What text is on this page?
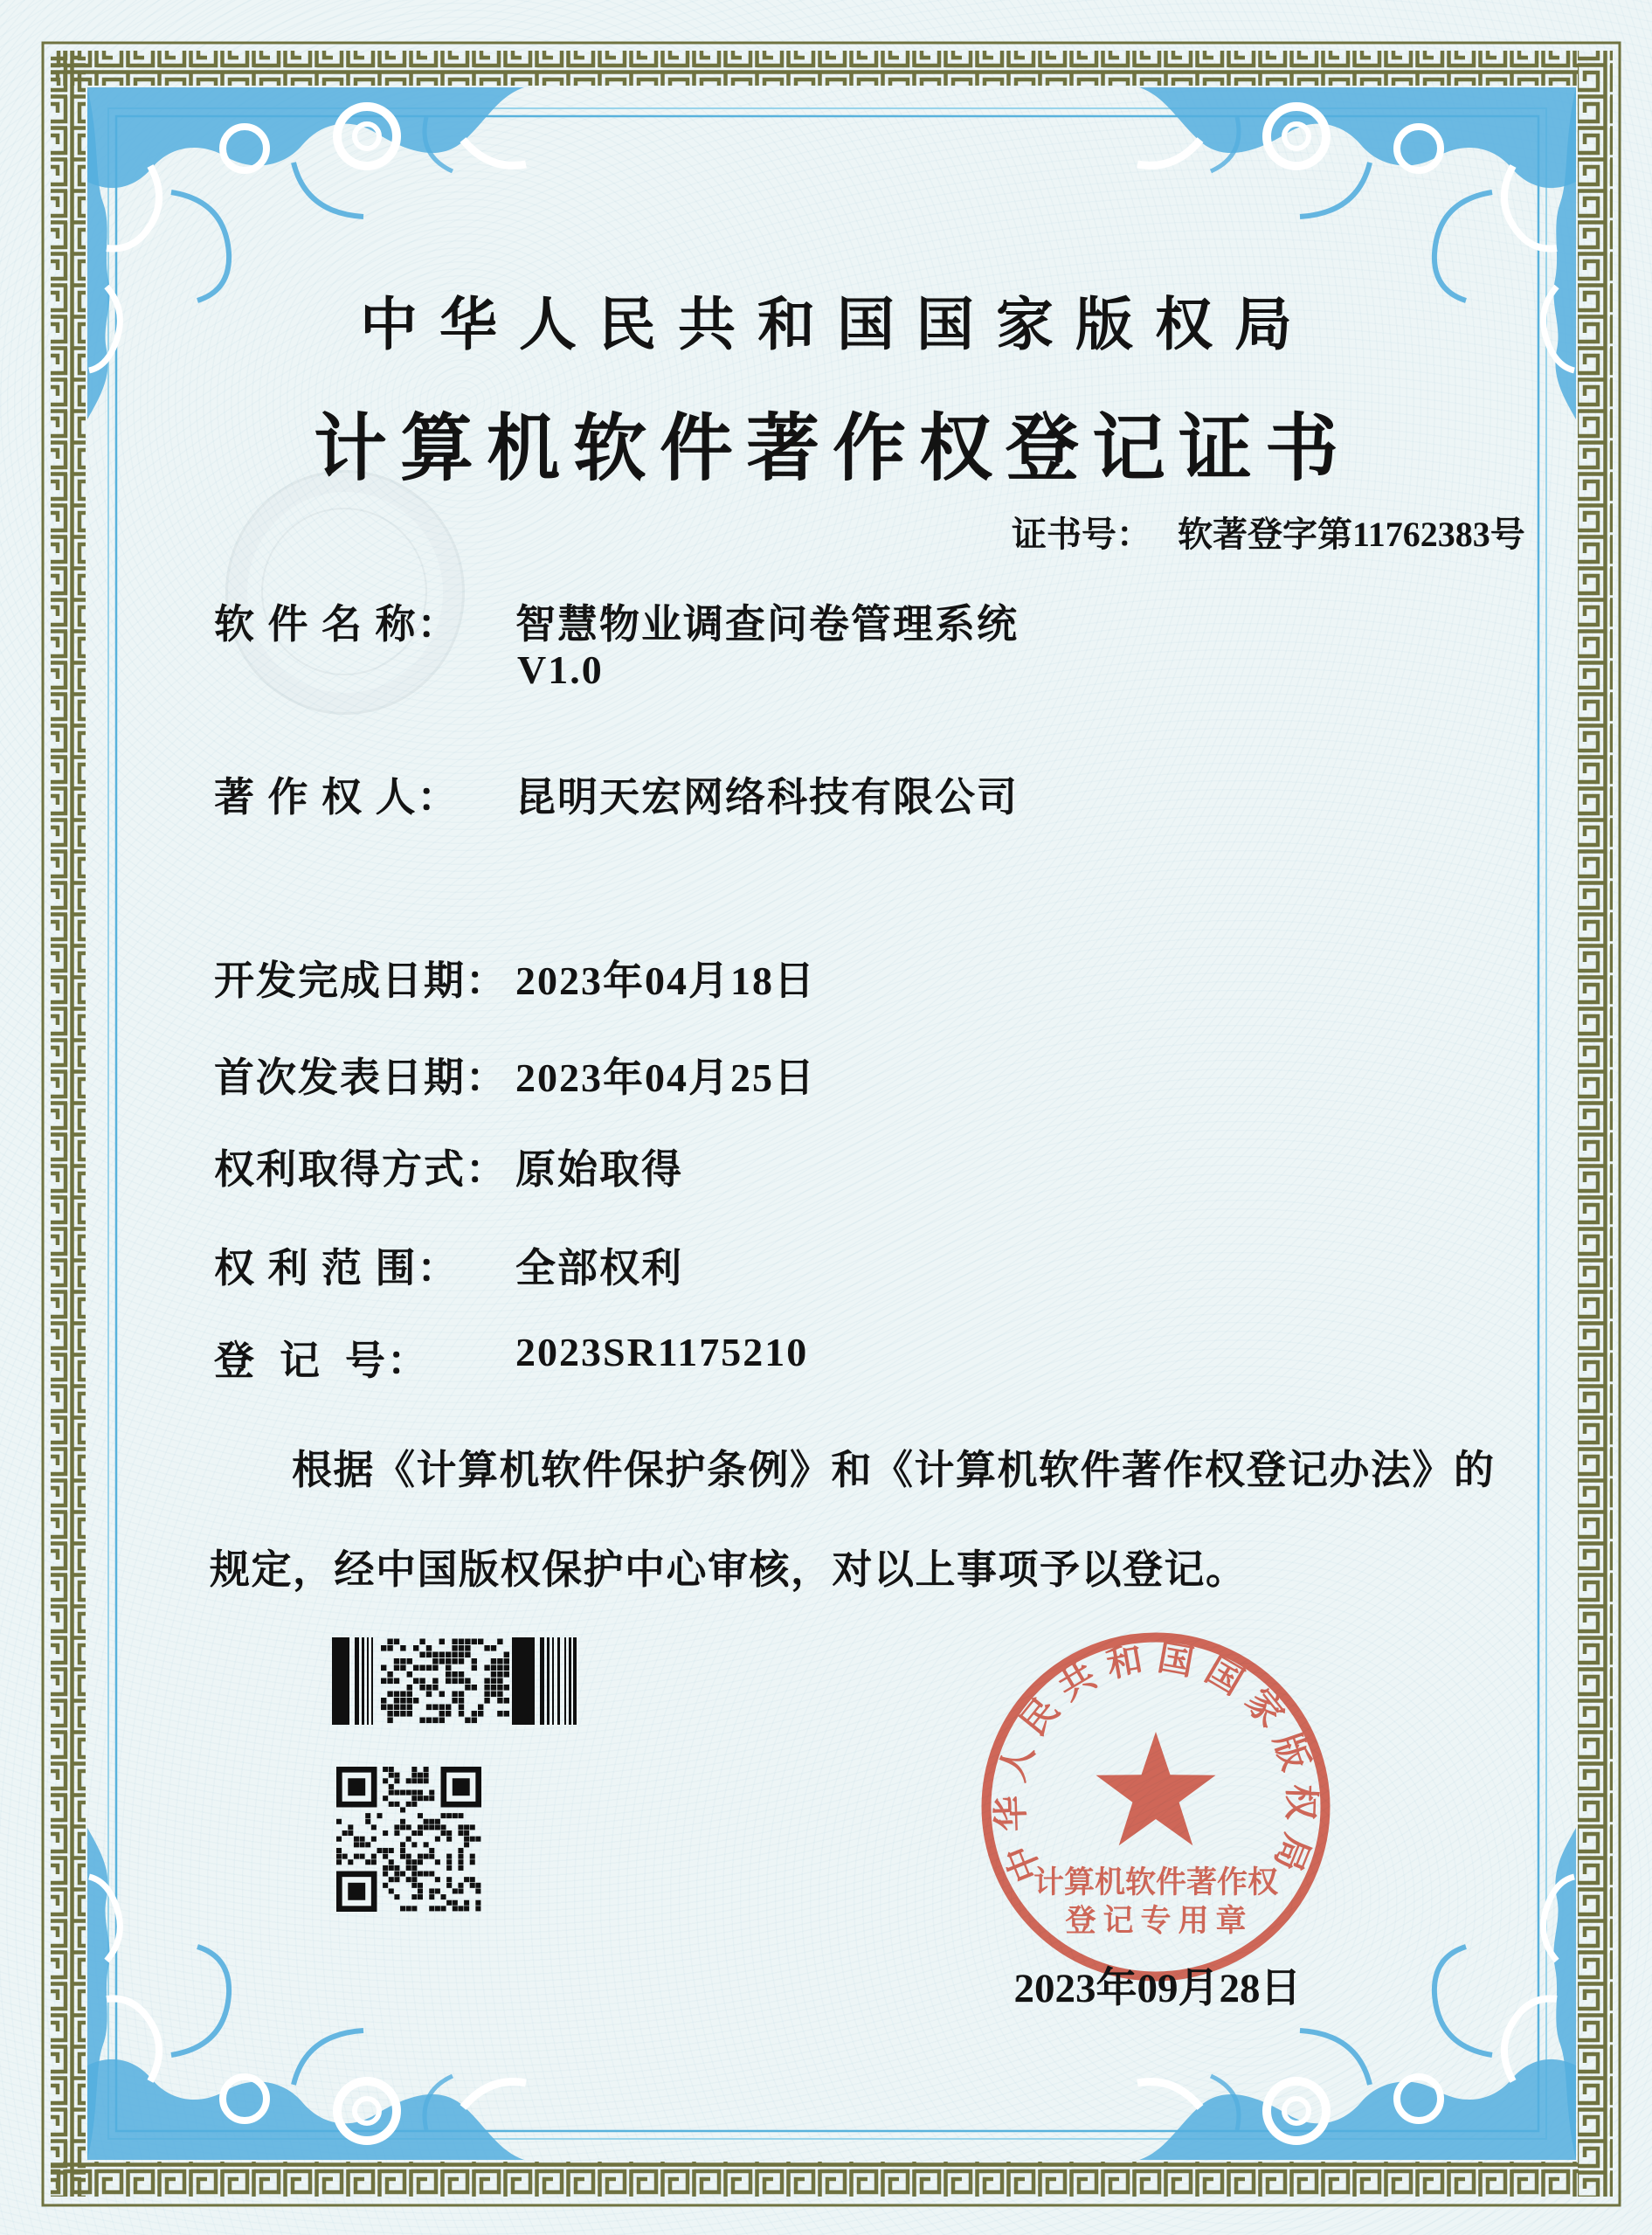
中华人民共和国国家版权局
计算机软件著作权登记证书
证书号： 软著登字第11762383号
软 件 名 称：	智慧物业调查问卷管理系统
V1.0
著 作 权 人：	昆明天宏网络科技有限公司
开发完成日期： 2023年04月18日
首次发表日期： 2023年04月25日
权利取得方式： 原始取得
权 利 范 围：	全部权利
登  记  号：	2023SR1175210
根据《计算机软件保护条例》和《计算机软件著作权登记办法》的
规定，经中国版权保护中心审核，对以上事项予以登记。
中华人民共和国国家版权局
计算机软件著作权
登记专用章
2023年09月28日
